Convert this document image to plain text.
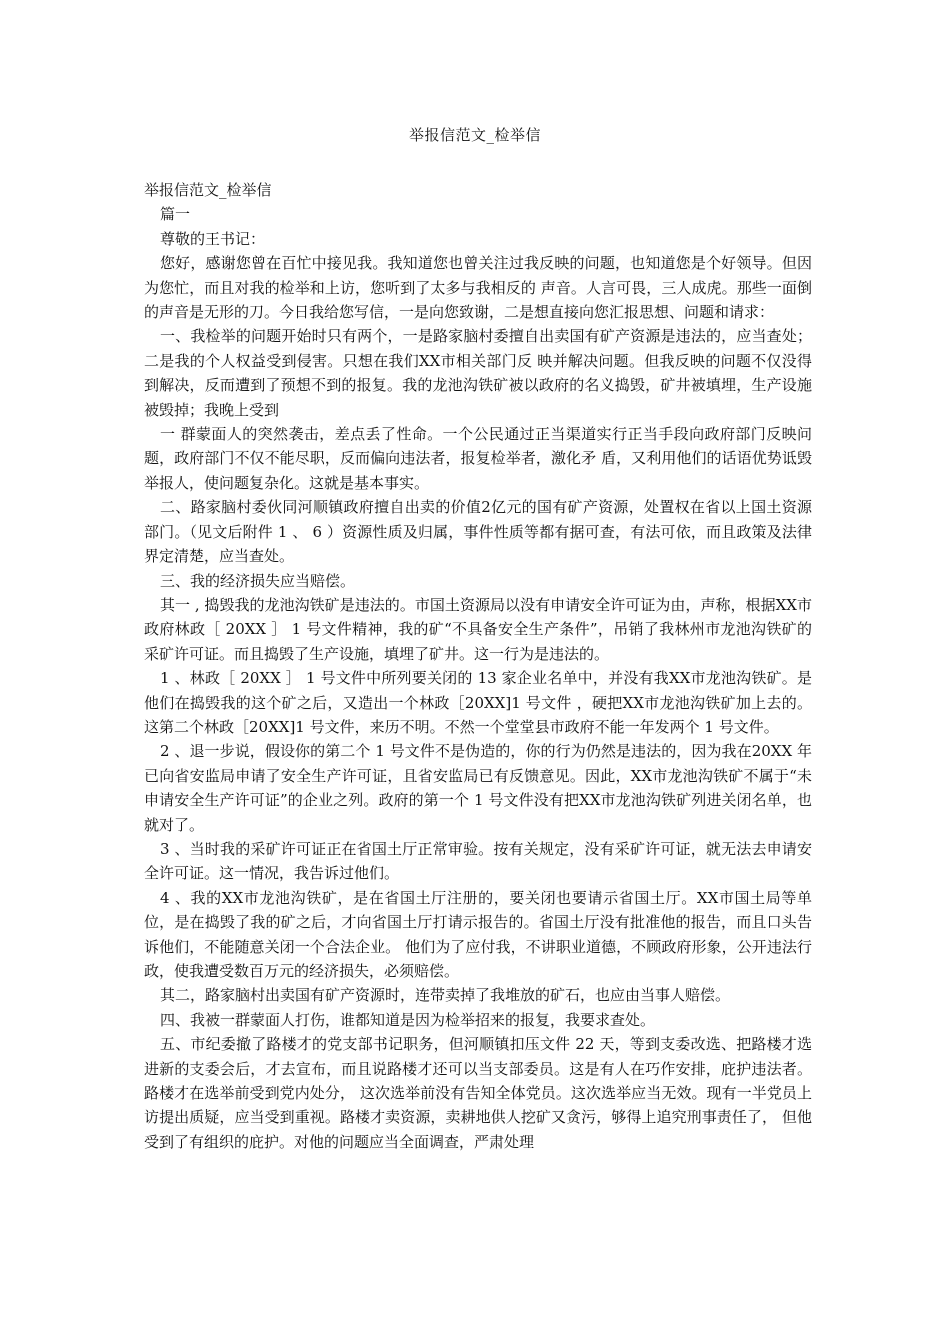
举报信范文_检举信

举报信范文_检举信

篇一

尊敬的王书记：

您好，感谢您曾在百忙中接见我。我知道您也曾关注过我反映的问题，也知道您是个好领导。但因为您忙，而且对我的检举和上访，您听到了太多与我相反的 声音。人言可畏，三人成虎。那些一面倒的声音是无形的刀。今日我给您写信，一是向您致谢，二是想直接向您汇报思想、问题和请求：

一、我检举的问题开始时只有两个，一是路家脑村委擅自出卖国有矿产资源是违法的，应当查处；二是我的个人权益受到侵害。只想在我们XX市相关部门反 映并解决问题。但我反映的问题不仅没得到解决，反而遭到了预想不到的报复。我的龙池沟铁矿被以政府的名义捣毁，矿井被填埋，生产设施被毁掉；我晚上受到

一 群蒙面人的突然袭击，差点丢了性命。一个公民通过正当渠道实行正当手段向政府部门反映问题，政府部门不仅不能尽职，反而偏向违法者，报复检举者，激化矛 盾，又利用他们的话语优势诋毁举报人，使问题复杂化。这就是基本事实。

二、路家脑村委伙同河顺镇政府擅自出卖的价值2亿元的国有矿产资源，处置权在省以上国土资源部门。（见文后附件 1 、 6 ）资源性质及归属，事件性质等都有据可查，有法可依，而且政策及法律界定清楚，应当查处。

三、我的经济损失应当赔偿。

其一 , 捣毁我的龙池沟铁矿是违法的。市国土资源局以没有申请安全许可证为由，声称，根据XX市政府林政［ 20XX ］ 1 号文件精神，我的矿“不具备安全生产条件”，吊销了我林州市龙池沟铁矿的采矿许可证。而且捣毁了生产设施，填埋了矿井。这一行为是违法的。

1 、林政［ 20XX ］ 1 号文件中所列要关闭的 13 家企业名单中，并没有我XX市龙池沟铁矿。是他们在捣毁我的这个矿之后，又造出一个林政［20XX]1 号文件 ，硬把XX市龙池沟铁矿加上去的。这第二个林政［20XX]1 号文件，来历不明。不然一个堂堂县市政府不能一年发两个 1 号文件。

2 、退一步说，假设你的第二个 1 号文件不是伪造的，你的行为仍然是违法的，因为我在20XX 年已向省安监局申请了安全生产许可证，且省安监局已有反馈意见。因此，XX市龙池沟铁矿不属于“未申请安全生产许可证”的企业之列。政府的第一个 1 号文件没有把XX市龙池沟铁矿列进关闭名单，也就对了。

3 、当时我的采矿许可证正在省国土厅正常审验。按有关规定，没有采矿许可证，就无法去申请安全许可证。这一情况，我告诉过他们。

4 、我的XX市龙池沟铁矿，是在省国土厅注册的，要关闭也要请示省国土厅。XX市国土局等单位，是在捣毁了我的矿之后，才向省国土厅打请示报告的。省国土厅没有批准他的报告，而且口头告诉他们，不能随意关闭一个合法企业。 他们为了应付我，不讲职业道德，不顾政府形象，公开违法行政，使我遭受数百万元的经济损失，必须赔偿。

其二，路家脑村出卖国有矿产资源时，连带卖掉了我堆放的矿石，也应由当事人赔偿。

四、我被一群蒙面人打伤，谁都知道是因为检举招来的报复，我要求查处。

五、市纪委撤了路楼才的党支部书记职务，但河顺镇扣压文件 22 天，等到支委改选、把路楼才选进新的支委会后，才去宣布，而且说路楼才还可以当支部委员。这是有人在巧作安排，庇护违法者。路楼才在选举前受到党内处分， 这次选举前没有告知全体党员。这次选举应当无效。现有一半党员上访提出质疑，应当受到重视。路楼才卖资源，卖耕地供人挖矿又贪污，够得上追究刑事责任了， 但他受到了有组织的庇护。对他的问题应当全面调查，严肃处理
